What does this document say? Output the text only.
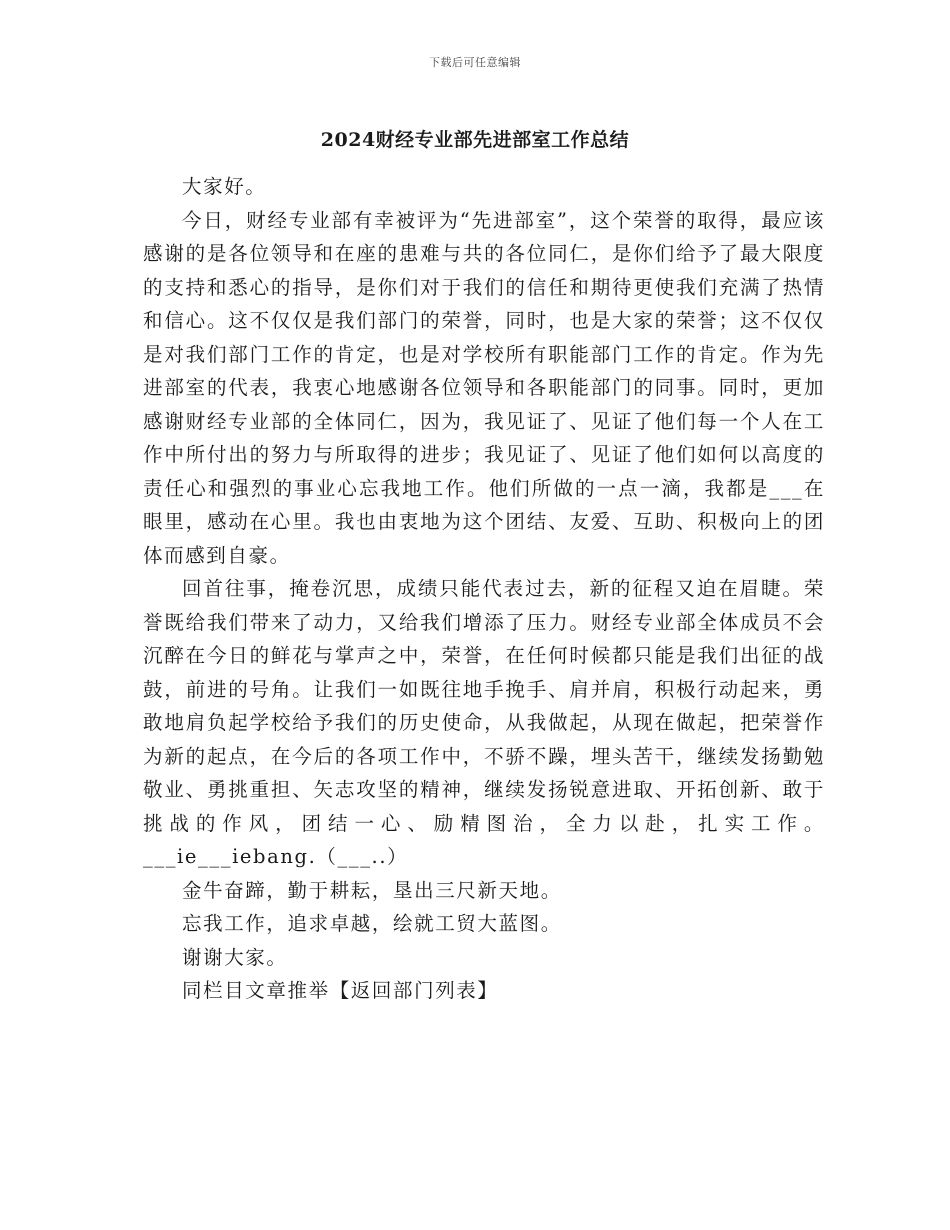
下载后可任意编辑
2024财经专业部先进部室工作总结

大家好。

今日，财经专业部有幸被评为“先进部室”，这个荣誉的取得，最应该感谢的是各位领导和在座的患难与共的各位同仁，是你们给予了最大限度的支持和悉心的指导，是你们对于我们的信任和期待更使我们充满了热情和信心。这不仅仅是我们部门的荣誉，同时，也是大家的荣誉；这不仅仅是对我们部门工作的肯定，也是对学校所有职能部门工作的肯定。作为先进部室的代表，我衷心地感谢各位领导和各职能部门的同事。同时，更加感谢财经专业部的全体同仁，因为，我见证了、见证了他们每一个人在工作中所付出的努力与所取得的进步；我见证了、见证了他们如何以高度的责任心和强烈的事业心忘我地工作。他们所做的一点一滴，我都是___在眼里，感动在心里。我也由衷地为这个团结、友爱、互助、积极向上的团体而感到自豪。

回首往事，掩卷沉思，成绩只能代表过去，新的征程又迫在眉睫。荣誉既给我们带来了动力，又给我们增添了压力。财经专业部全体成员不会沉醉在今日的鲜花与掌声之中，荣誉，在任何时候都只能是我们出征的战鼓，前进的号角。让我们一如既往地手挽手、肩并肩，积极行动起来，勇敢地肩负起学校给予我们的历史使命，从我做起，从现在做起，把荣誉作为新的起点，在今后的各项工作中，不骄不躁，埋头苦干，继续发扬勤勉敬业、勇挑重担、矢志攻坚的精神，继续发扬锐意进取、开拓创新、敢于挑战的作风，团结一心、励精图治，全力以赴，扎实工作。___ie___iebang.（___..）

金牛奋蹄，勤于耕耘，垦出三尺新天地。

忘我工作，追求卓越，绘就工贸大蓝图。

谢谢大家。

同栏目文章推举【返回部门列表】
